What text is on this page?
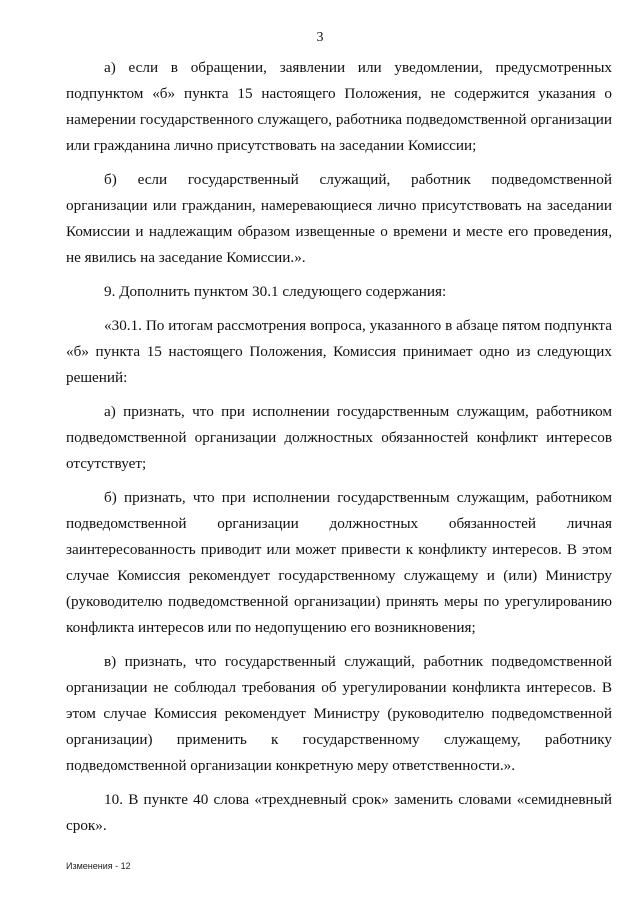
3

а) если в обращении, заявлении или уведомлении, предусмотренных подпунктом «б» пункта 15 настоящего Положения, не содержится указания о намерении государственного служащего, работника подведомственной организации или гражданина лично присутствовать на заседании Комиссии;

б) если государственный служащий, работник подведомственной организации или гражданин, намеревающиеся лично присутствовать на заседании Комиссии и надлежащим образом извещенные о времени и месте его проведения, не явились на заседание Комиссии.».

9. Дополнить пунктом 30.1 следующего содержания:

«30.1. По итогам рассмотрения вопроса, указанного в абзаце пятом подпункта «б» пункта 15 настоящего Положения, Комиссия принимает одно из следующих решений:

а) признать, что при исполнении государственным служащим, работником подведомственной организации должностных обязанностей конфликт интересов отсутствует;

б) признать, что при исполнении государственным служащим, работником подведомственной организации должностных обязанностей личная заинтересованность приводит или может привести к конфликту интересов. В этом случае Комиссия рекомендует государственному служащему и (или) Министру (руководителю подведомственной организации) принять меры по урегулированию конфликта интересов или по недопущению его возникновения;

в) признать, что государственный служащий, работник подведомственной организации не соблюдал требования об урегулировании конфликта интересов. В этом случае Комиссия рекомендует Министру (руководителю подведомственной организации) применить к государственному служащему, работнику подведомственной организации конкретную меру ответственности.».

10. В пункте 40 слова «трехдневный срок» заменить словами «семидневный срок».

Изменения - 12
